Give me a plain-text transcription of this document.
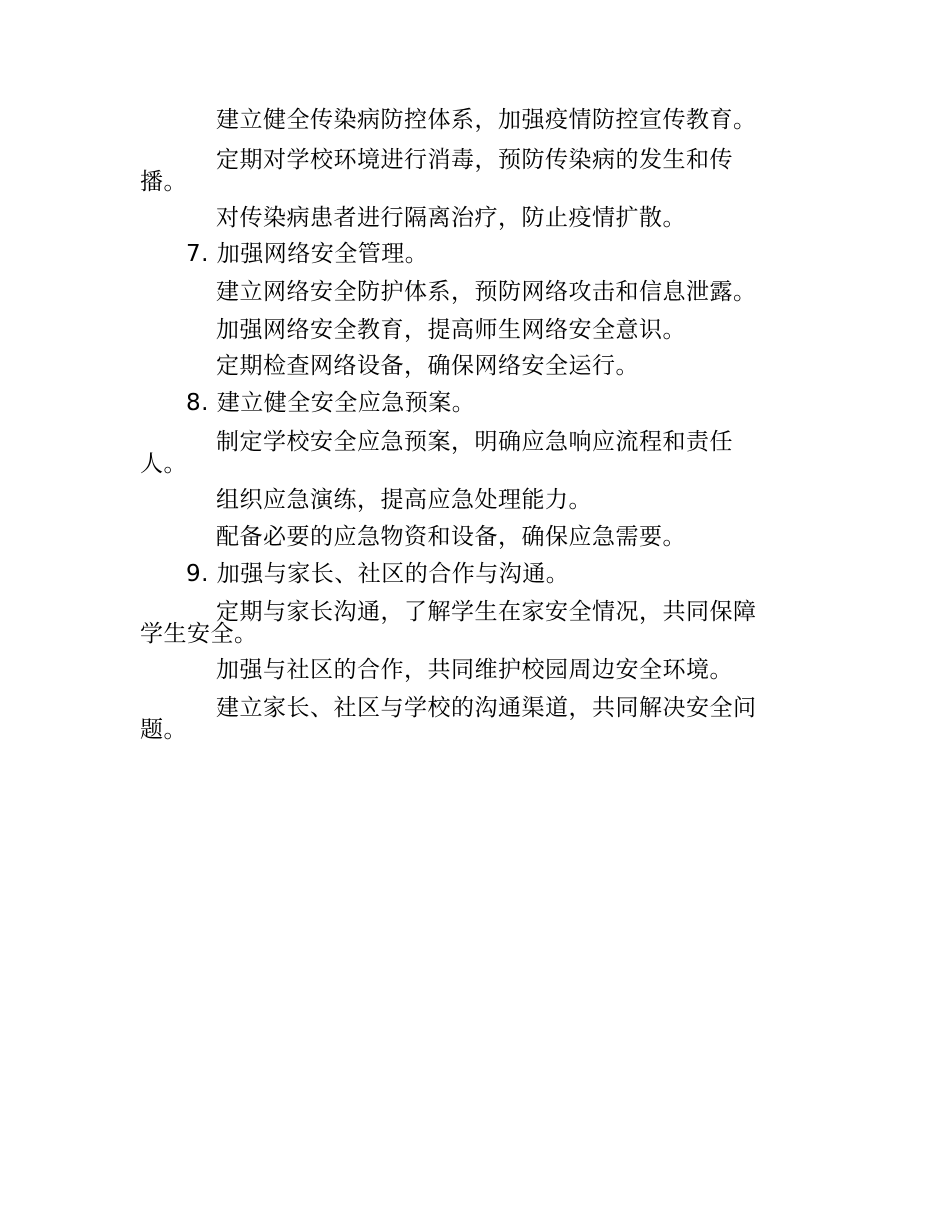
建立健全传染病防控体系，加强疫情防控宣传教育。
定期对学校环境进行消毒，预防传染病的发生和传
播。
对传染病患者进行隔离治疗，防止疫情扩散。
7. 加强网络安全管理。
建立网络安全防护体系，预防网络攻击和信息泄露。
加强网络安全教育，提高师生网络安全意识。
定期检查网络设备，确保网络安全运行。
8. 建立健全安全应急预案。
制定学校安全应急预案，明确应急响应流程和责任
人。
组织应急演练，提高应急处理能力。
配备必要的应急物资和设备，确保应急需要。
9. 加强与家长、社区的合作与沟通。
定期与家长沟通，了解学生在家安全情况，共同保障
学生安全。
加强与社区的合作，共同维护校园周边安全环境。
建立家长、社区与学校的沟通渠道，共同解决安全问
题。
